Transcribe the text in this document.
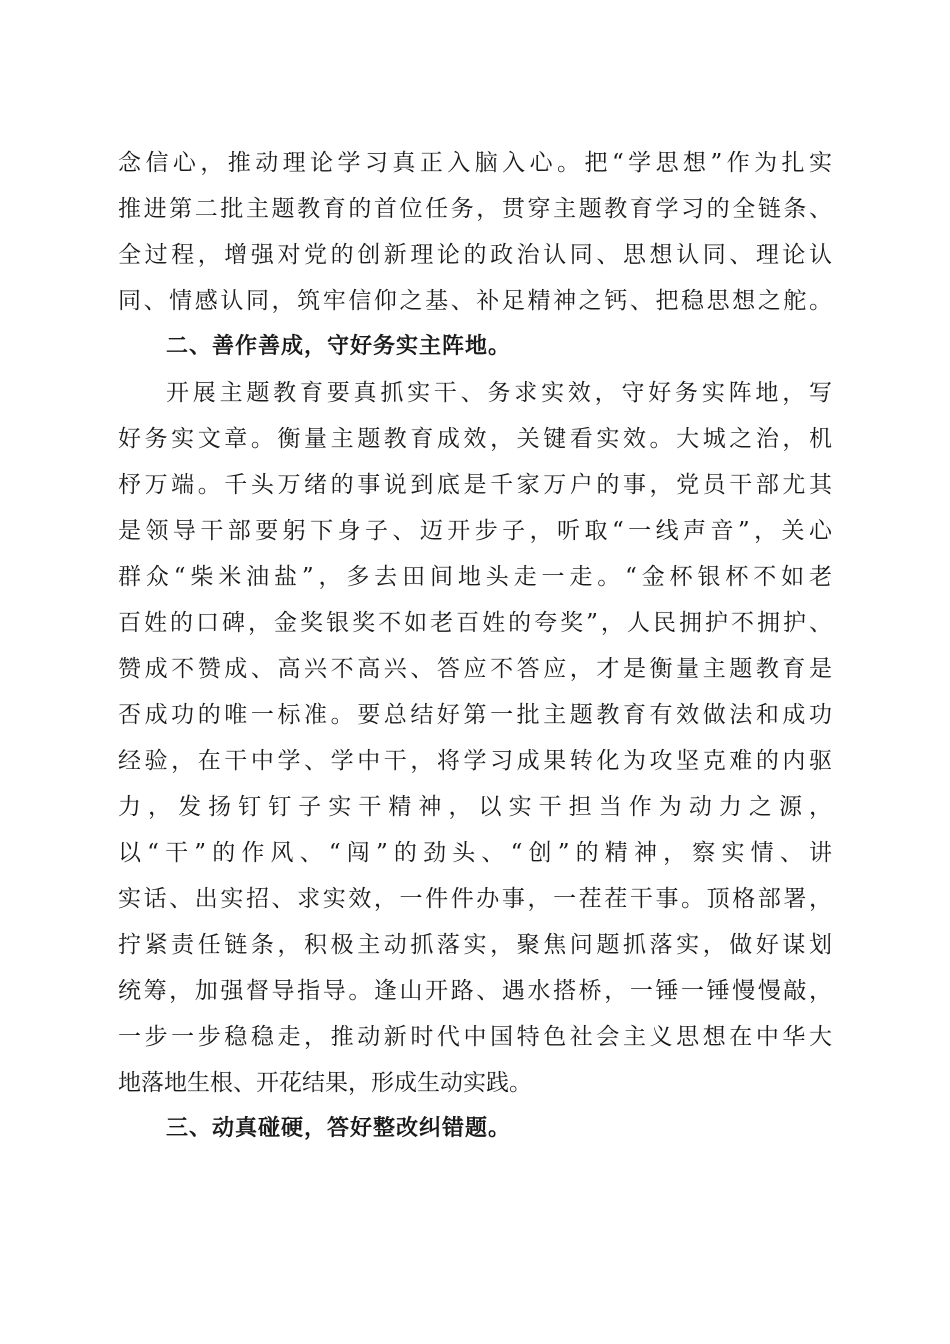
念信心，推动理论学习真正入脑入心。把“学思想”作为扎实
推进第二批主题教育的首位任务，贯穿主题教育学习的全链条、
全过程，增强对党的创新理论的政治认同、思想认同、理论认
同、情感认同，筑牢信仰之基、补足精神之钙、把稳思想之舵。
二、善作善成，守好务实主阵地。
开展主题教育要真抓实干、务求实效，守好务实阵地，写
好务实文章。衡量主题教育成效，关键看实效。大城之治，机
杼万端。千头万绪的事说到底是千家万户的事，党员干部尤其
是领导干部要躬下身子、迈开步子，听取“一线声音”，关心
群众“柴米油盐”，多去田间地头走一走。“金杯银杯不如老
百姓的口碑，金奖银奖不如老百姓的夸奖”，人民拥护不拥护、
赞成不赞成、高兴不高兴、答应不答应，才是衡量主题教育是
否成功的唯一标准。要总结好第一批主题教育有效做法和成功
经验，在干中学、学中干，将学习成果转化为攻坚克难的内驱
力，发扬钉钉子实干精神，以实干担当作为动力之源，
以“干”的作风、“闯”的劲头、“创”的精神，察实情、讲
实话、出实招、求实效，一件件办事，一茬茬干事。顶格部署，
拧紧责任链条，积极主动抓落实，聚焦问题抓落实，做好谋划
统筹，加强督导指导。逢山开路、遇水搭桥，一锤一锤慢慢敲，
一步一步稳稳走，推动新时代中国特色社会主义思想在中华大
地落地生根、开花结果，形成生动实践。
三、动真碰硬，答好整改纠错题。
